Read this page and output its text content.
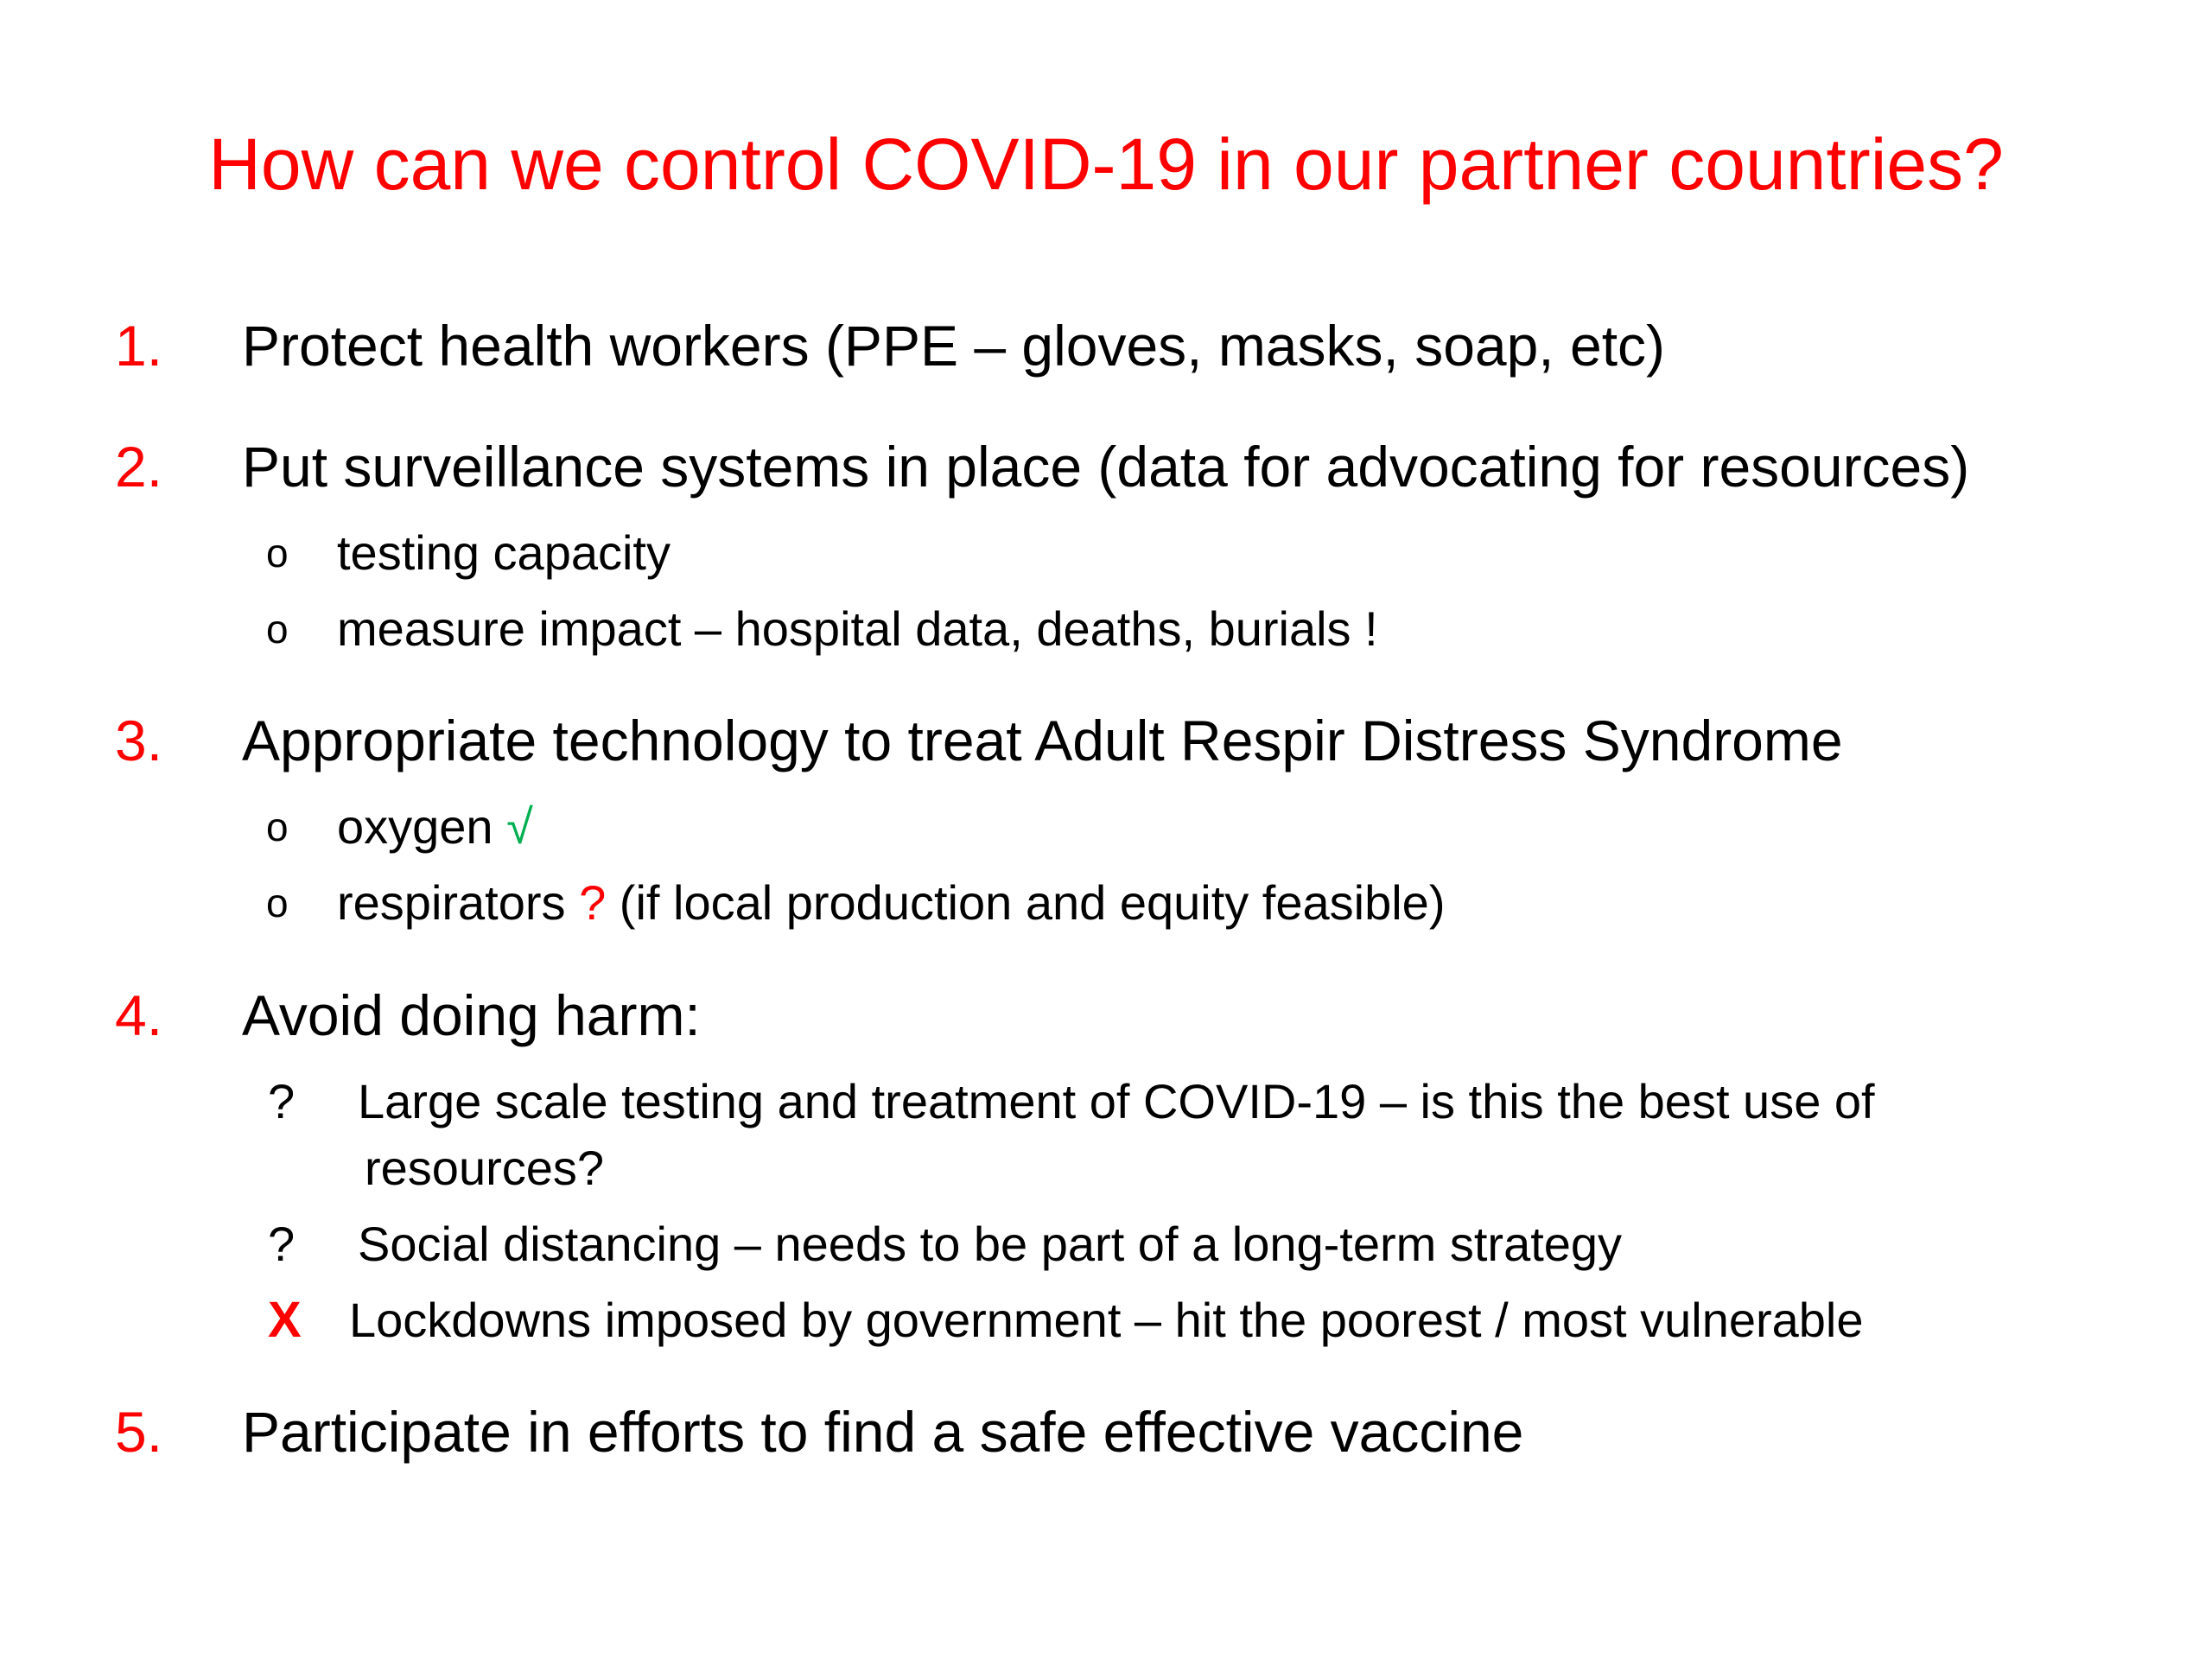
How can we control COVID-19 in our partner countries?
1. Protect health workers (PPE – gloves, masks, soap, etc)
2. Put surveillance systems in place (data for advocating for resources)
o testing capacity
o measure impact – hospital data, deaths, burials !
3. Appropriate technology to treat Adult Respir Distress Syndrome
o oxygen √
o respirators ? (if local production and equity feasible)
4. Avoid doing harm:
? Large scale testing and treatment of COVID-19 – is this the best use of
resources?
? Social distancing – needs to be part of a long-term strategy
X Lockdowns imposed by government – hit the poorest / most vulnerable
5. Participate in efforts to find a safe effective vaccine
